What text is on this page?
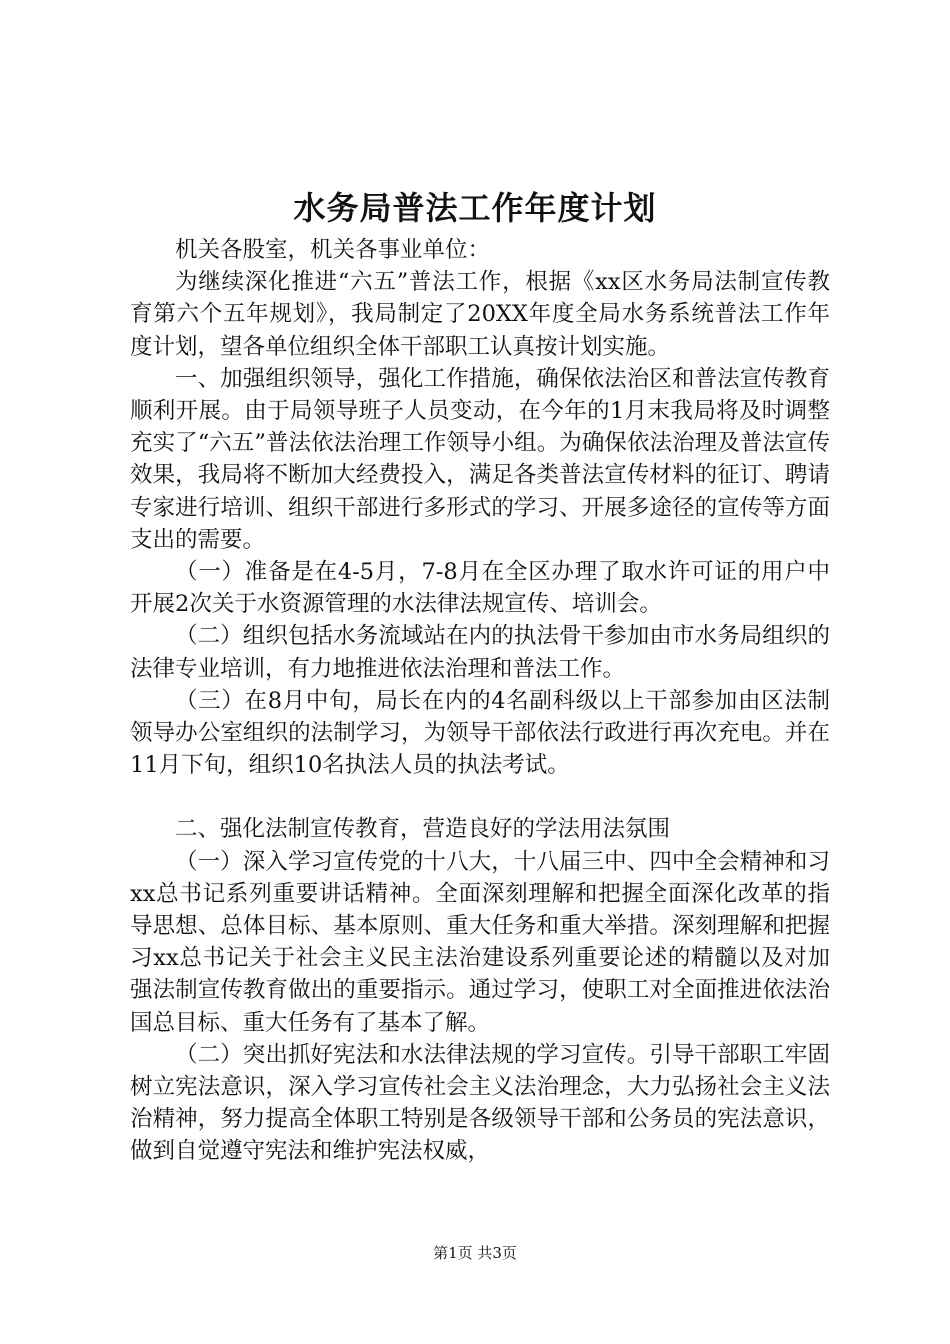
水务局普法工作年度计划

机关各股室，机关各事业单位：

为继续深化推进“六五”普法工作，根据《xx区水务局法制宣传教育第六个五年规划》，我局制定了20XX年度全局水务系统普法工作年度计划，望各单位组织全体干部职工认真按计划实施。

一、加强组织领导，强化工作措施，确保依法治区和普法宣传教育顺利开展。由于局领导班子人员变动，在今年的1月末我局将及时调整充实了“六五”普法依法治理工作领导小组。为确保依法治理及普法宣传效果，我局将不断加大经费投入，满足各类普法宣传材料的征订、聘请专家进行培训、组织干部进行多形式的学习、开展多途径的宣传等方面支出的需要。

（一）准备是在4-5月，7-8月在全区办理了取水许可证的用户中开展2次关于水资源管理的水法律法规宣传、培训会。

（二）组织包括水务流域站在内的执法骨干参加由市水务局组织的法律专业培训，有力地推进依法治理和普法工作。

（三）在8月中旬，局长在内的4名副科级以上干部参加由区法制领导办公室组织的法制学习，为领导干部依法行政进行再次充电。并在11月下旬，组织10名执法人员的执法考试。

二、强化法制宣传教育，营造良好的学法用法氛围

（一）深入学习宣传党的十八大，十八届三中、四中全会精神和习xx总书记系列重要讲话精神。全面深刻理解和把握全面深化改革的指导思想、总体目标、基本原则、重大任务和重大举措。深刻理解和把握习xx总书记关于社会主义民主法治建设系列重要论述的精髓以及对加强法制宣传教育做出的重要指示。通过学习，使职工对全面推进依法治国总目标、重大任务有了基本了解。

（二）突出抓好宪法和水法律法规的学习宣传。引导干部职工牢固树立宪法意识，深入学习宣传社会主义法治理念，大力弘扬社会主义法治精神，努力提高全体职工特别是各级领导干部和公务员的宪法意识，做到自觉遵守宪法和维护宪法权威，

第1页 共3页
